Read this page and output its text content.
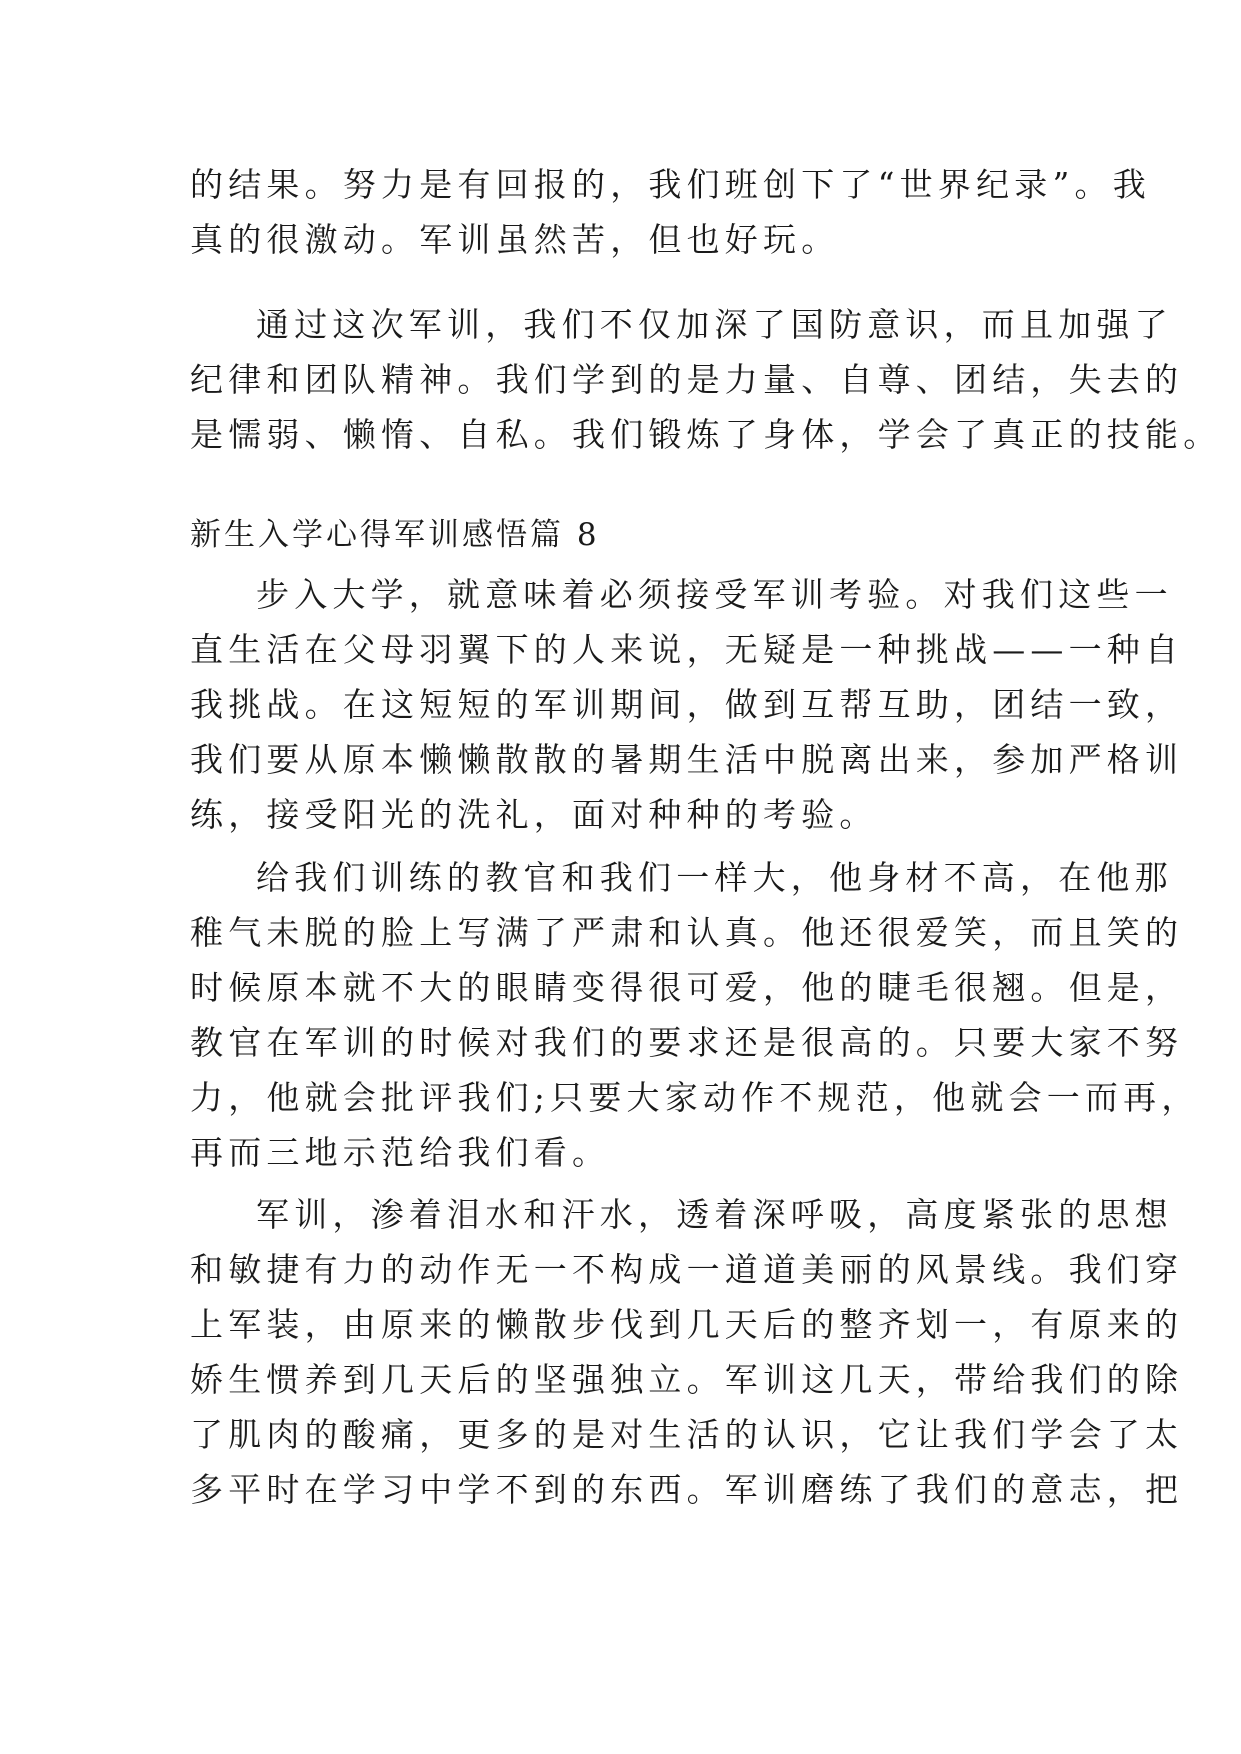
的结果。努力是有回报的，我们班创下了“世界纪录”。我
真的很激动。军训虽然苦，但也好玩。
通过这次军训，我们不仅加深了国防意识，而且加强了
纪律和团队精神。我们学到的是力量、自尊、团结，失去的
是懦弱、懒惰、自私。我们锻炼了身体，学会了真正的技能。
新生入学心得军训感悟篇 8
步入大学，就意味着必须接受军训考验。对我们这些一
直生活在父母羽翼下的人来说，无疑是一种挑战——一种自
我挑战。在这短短的军训期间，做到互帮互助，团结一致，
我们要从原本懒懒散散的暑期生活中脱离出来，参加严格训
练，接受阳光的洗礼，面对种种的考验。
给我们训练的教官和我们一样大，他身材不高，在他那
稚气未脱的脸上写满了严肃和认真。他还很爱笑，而且笑的
时候原本就不大的眼睛变得很可爱，他的睫毛很翘。但是，
教官在军训的时候对我们的要求还是很高的。只要大家不努
力，他就会批评我们;只要大家动作不规范，他就会一而再，
再而三地示范给我们看。
军训，渗着泪水和汗水，透着深呼吸，高度紧张的思想
和敏捷有力的动作无一不构成一道道美丽的风景线。我们穿
上军装，由原来的懒散步伐到几天后的整齐划一，有原来的
娇生惯养到几天后的坚强独立。军训这几天，带给我们的除
了肌肉的酸痛，更多的是对生活的认识，它让我们学会了太
多平时在学习中学不到的东西。军训磨练了我们的意志，把
